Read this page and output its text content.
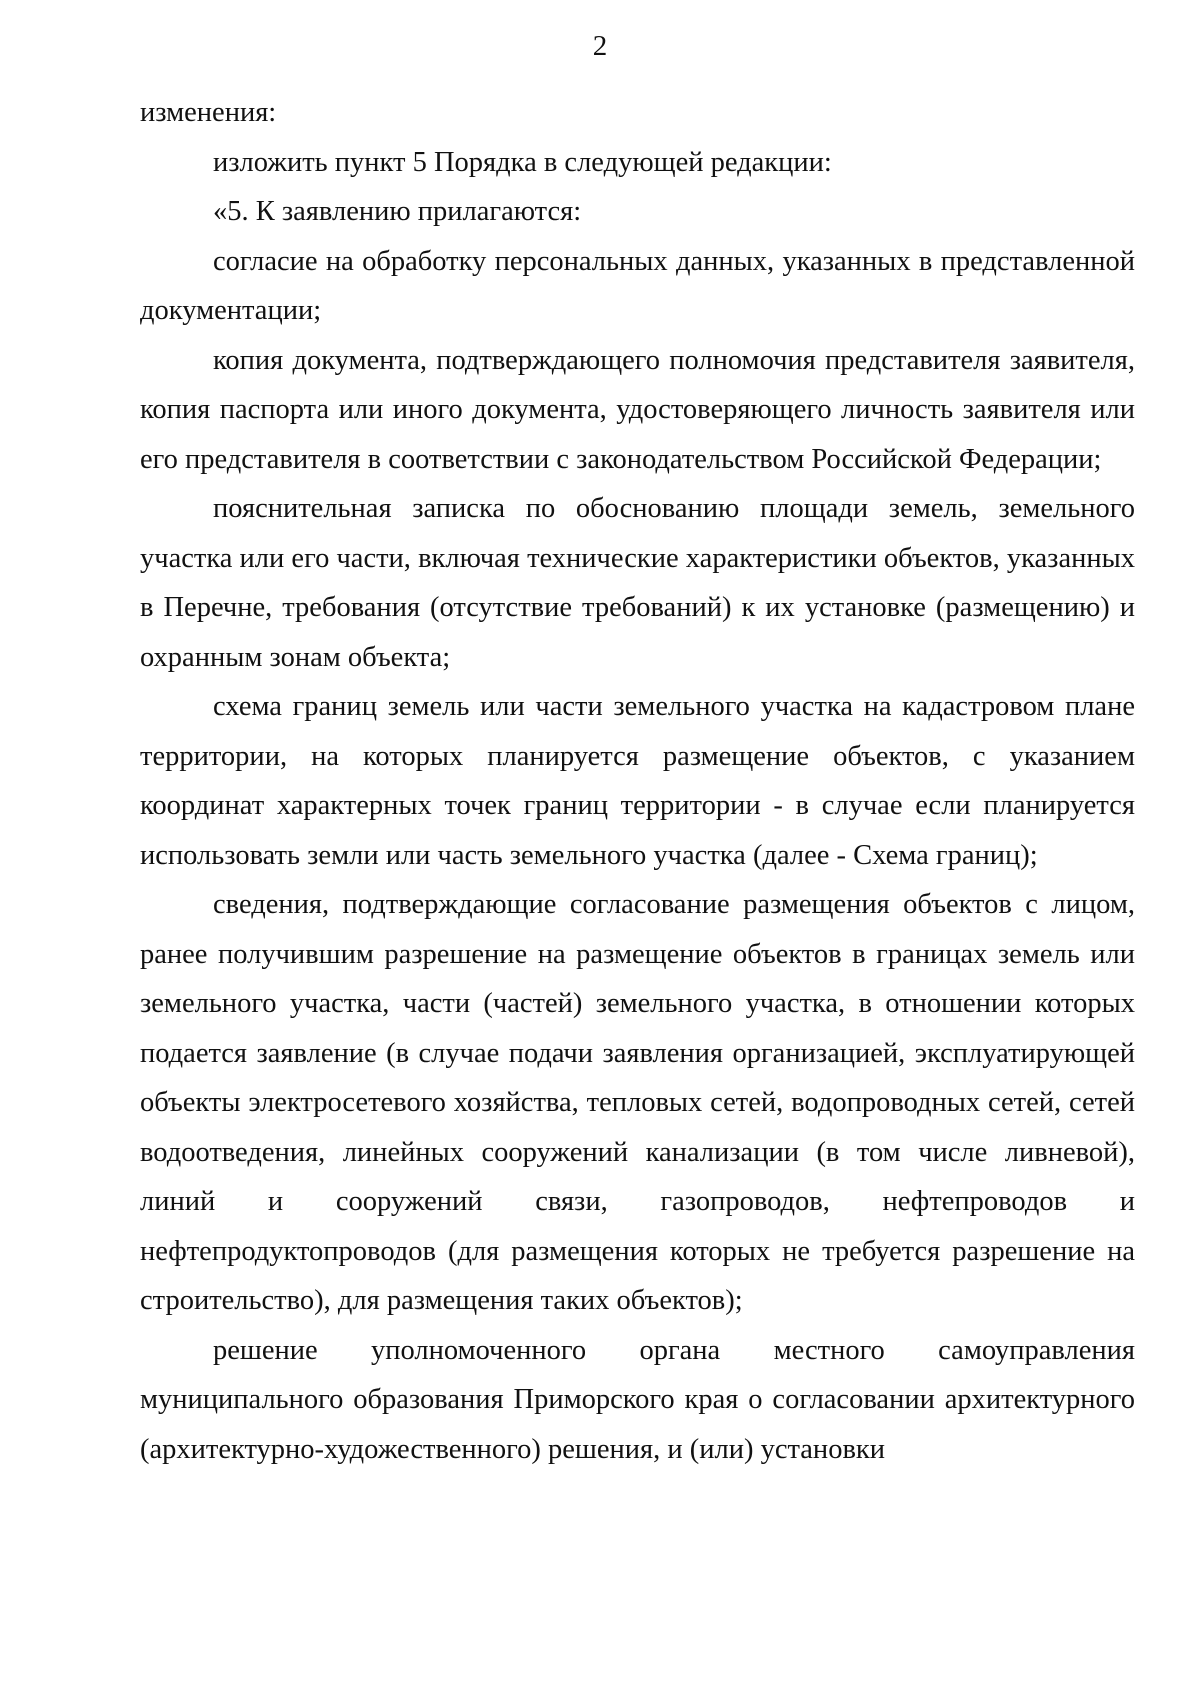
2

изменения:

изложить пункт 5 Порядка в следующей редакции:

«5. К заявлению прилагаются:

согласие на обработку персональных данных, указанных в представленной документации;

копия документа, подтверждающего полномочия представителя заявителя, копия паспорта или иного документа, удостоверяющего личность заявителя или его представителя в соответствии с законодательством Российской Федерации;

пояснительная записка по обоснованию площади земель, земельного участка или его части, включая технические характеристики объектов, указанных в Перечне, требования (отсутствие требований) к их установке (размещению) и охранным зонам объекта;

схема границ земель или части земельного участка на кадастровом плане территории, на которых планируется размещение объектов, с указанием координат характерных точек границ территории - в случае если планируется использовать земли или часть земельного участка (далее - Схема границ);

сведения, подтверждающие согласование размещения объектов с лицом, ранее получившим разрешение на размещение объектов в границах земель или земельного участка, части (частей) земельного участка, в отношении которых подается заявление (в случае подачи заявления организацией, эксплуатирующей объекты электросетевого хозяйства, тепловых сетей, водопроводных сетей, сетей водоотведения, линейных сооружений канализации (в том числе ливневой), линий и сооружений связи, газопроводов, нефтепроводов и нефтепродуктопроводов (для размещения которых не требуется разрешение на строительство), для размещения таких объектов);

решение уполномоченного органа местного самоуправления муниципального образования Приморского края о согласовании архитектурного (архитектурно-художественного) решения, и (или) установки
